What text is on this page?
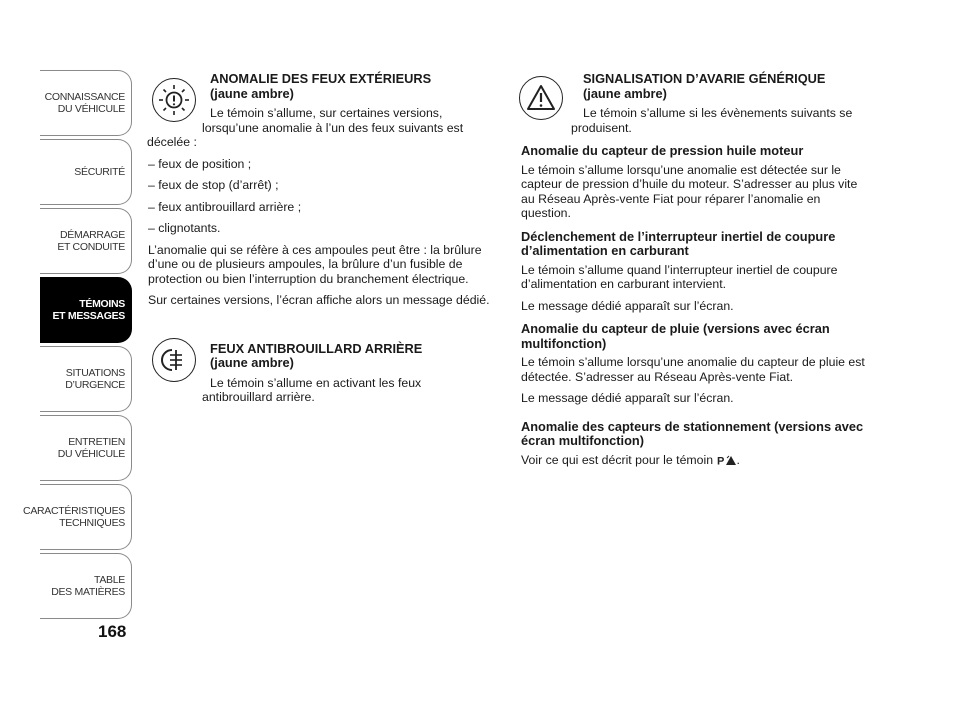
CONNAISSANCE
DU VÉHICULE
SÉCURITÉ
DÉMARRAGE
ET CONDUITE
TÉMOINS
ET MESSAGES
SITUATIONS
D’URGENCE
ENTRETIEN
DU VÉHICULE
CARACTÉRISTIQUES
TECHNIQUES
TABLE
DES MATIÈRES
168
ANOMALIE DES FEUX EXTÉRIEURS
(jaune ambre)
Le témoin s’allume, sur certaines versions,
lorsqu’une anomalie à l’un des feux suivants est
décelée :
– feux de position ;
– feux de stop (d’arrêt) ;
– feux antibrouillard arrière ;
– clignotants.
L’anomalie qui se réfère à ces ampoules peut être : la brûlure d’une ou de plusieurs ampoules, la brûlure d’un fusible de protection ou bien l’interruption du branchement électrique.
Sur certaines versions, l’écran affiche alors un message dédié.
FEUX ANTIBROUILLARD ARRIÈRE
(jaune ambre)
Le témoin s’allume en activant les feux
antibrouillard arrière.
SIGNALISATION D’AVARIE GÉNÉRIQUE
(jaune ambre)
Le témoin s’allume si les évènements suivants se
produisent.
Anomalie du capteur de pression huile moteur
Le témoin s’allume lorsqu’une anomalie est détectée sur le capteur de pression d’huile du moteur. S’adresser au plus vite au Réseau Après-vente Fiat pour réparer l’anomalie en question.
Déclenchement de l’interrupteur inertiel de coupure d’alimentation en carburant
Le témoin s’allume quand l’interrupteur inertiel de coupure d’alimentation en carburant intervient.
Le message dédié apparaît sur l’écran.
Anomalie du capteur de pluie (versions avec écran multifonction)
Le témoin s’allume lorsqu’une anomalie du capteur de pluie est détectée. S’adresser au Réseau Après-vente Fiat.
Le message dédié apparaît sur l’écran.
Anomalie des capteurs de stationnement (versions avec écran multifonction)
Voir ce qui est décrit pour le témoin P .
